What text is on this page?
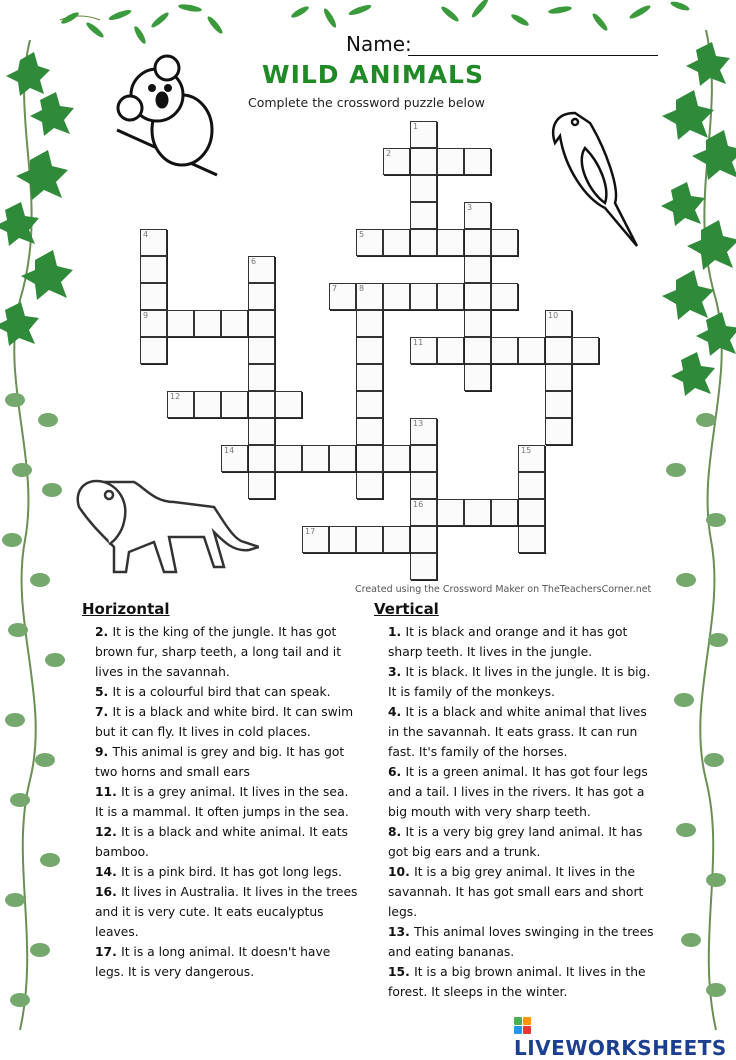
Name:
WILD ANIMALS
Complete the crossword puzzle below
1
2
3
4
9
5
6
7	8
10
11
12
13
16
14	15
17
Created using the Crossword Maker on TheTeachersCorner.net
Horizontal

2. It is the king of the jungle. It has got brown fur, sharp teeth, a long tail and it lives in the savannah.

5. It is a colourful bird that can speak.

7. It is a black and white bird. It can swim but it can fly. It lives in cold places.

9. This animal is grey and big. It has got two horns and small ears

11. It is a grey animal. It lives in the sea. It is a mammal. It often jumps in the sea.

12. It is a black and white animal. It eats bamboo.

14. It is a pink bird. It has got long legs.

16. It lives in Australia. It lives in the trees and it is very cute. It eats eucalyptus leaves.

17. It is a long animal. It doesn't have legs. It is very dangerous.

Vertical

1. It is black and orange and it has got sharp teeth. It lives in the jungle.

3. It is black. It lives in the jungle. It is big. It is family of the monkeys.

4. It is a black and white animal that lives in the savannah. It eats grass. It can run fast. It's family of the horses.

6. It is a green animal. It has got four legs and a tail. I lives in the rivers. It has got a big mouth with very sharp teeth.

8. It is a very big grey land animal. It has got big ears and a trunk.

10. It is a big grey animal. It lives in the savannah. It has got small ears and short legs.

13. This animal loves swinging in the trees and eating bananas.

15. It is a big brown animal. It lives in the forest. It sleeps in the winter.

LIVEWORKSHEETS
